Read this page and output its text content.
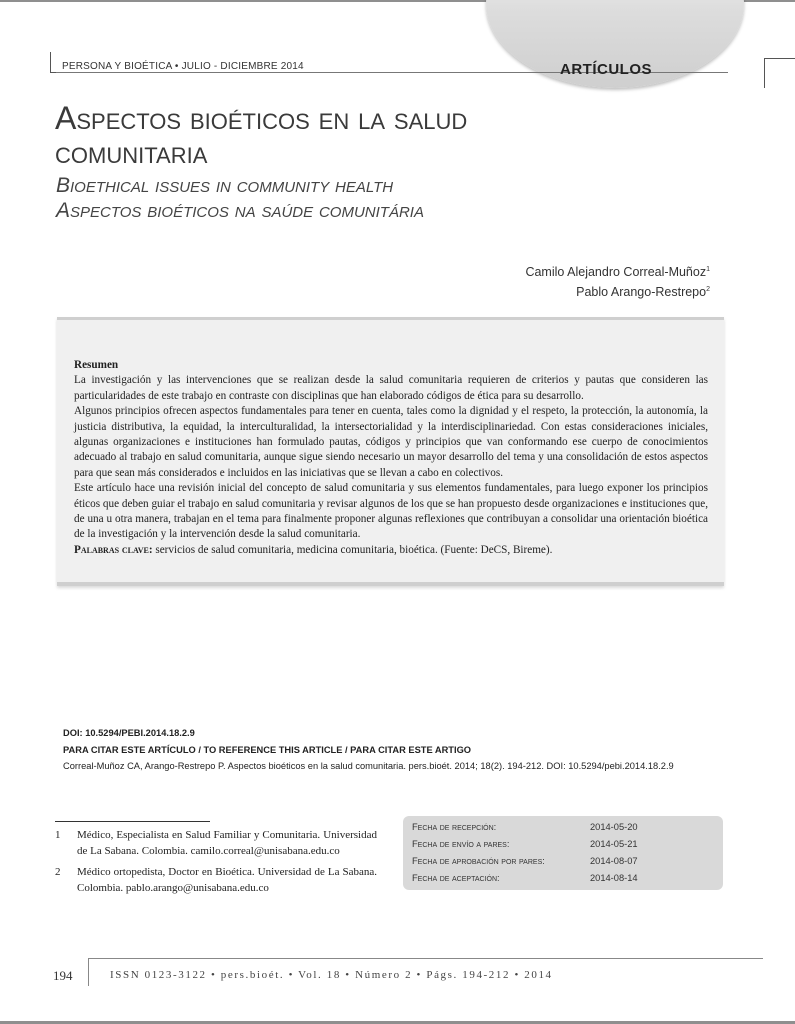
PERSONA Y BIOÉTICA • JULIO - DICIEMBRE 2014	ARTÍCULOS
Aspectos bioéticos en la salud
comunitaria
Bioethical issues in community health
Aspectos bioéticos na saúde comunitária
Camilo Alejandro Correal-Muñoz$^1$
Pablo Arango-Restrepo$^2$

Resumen

La investigación y las intervenciones que se realizan desde la salud comunitaria requieren de criterios y pautas que consideren las particularidades de este trabajo en contraste con disciplinas que han elaborado códigos de ética para su desarrollo.

Algunos principios ofrecen aspectos fundamentales para tener en cuenta, tales como la dignidad y el respeto, la protección, la autonomía, la justicia distributiva, la equidad, la interculturalidad, la intersectorialidad y la interdisciplinariedad. Con estas consideraciones iniciales, algunas organizaciones e instituciones han formulado pautas, códigos y principios que van conformando ese cuerpo de conocimientos adecuado al trabajo en salud comunitaria, aunque sigue siendo necesario un mayor desarrollo del tema y una consolidación de estos aspectos para que sean más considerados e incluidos en las iniciativas que se llevan a cabo en colectivos.

Este artículo hace una revisión inicial del concepto de salud comunitaria y sus elementos fundamentales, para luego exponer los principios éticos que deben guiar el trabajo en salud comunitaria y revisar algunos de los que se han propuesto desde organizaciones e instituciones que, de una u otra manera, trabajan en el tema para finalmente proponer algunas reflexiones que contribuyan a consolidar una orientación bioética de la investigación y la intervención desde la salud comunitaria.

Palabras clave: servicios de salud comunitaria, medicina comunitaria, bioética. (Fuente: DeCS, Bireme).

DOI: 10.5294/PEBI.2014.18.2.9
PARA CITAR ESTE ARTÍCULO / TO REFERENCE THIS ARTICLE / PARA CITAR ESTE ARTIGO
Correal-Muñoz CA, Arango-Restrepo P. Aspectos bioéticos en la salud comunitaria. pers.bioét. 2014; 18(2). 194-212. DOI: 10.5294/pebi.2014.18.2.9
1	Médico, Especialista en Salud Familiar y Comunitaria. Universidad de La Sabana. Colombia. camilo.correal@unisabana.edu.co
2	Médico ortopedista, Doctor en Bioética. Universidad de La Sabana. Colombia. pablo.arango@unisabana.edu.co
Fecha de recepción:	2014-05-20
Fecha de envío a pares:	2014-05-21
Fecha de aprobación por pares:	2014-08-07
Fecha de aceptación:	2014-08-14
194	ISSN 0123-3122 • pers.bioét. • Vol. 18 • Número 2 • Págs. 194-212 • 2014
